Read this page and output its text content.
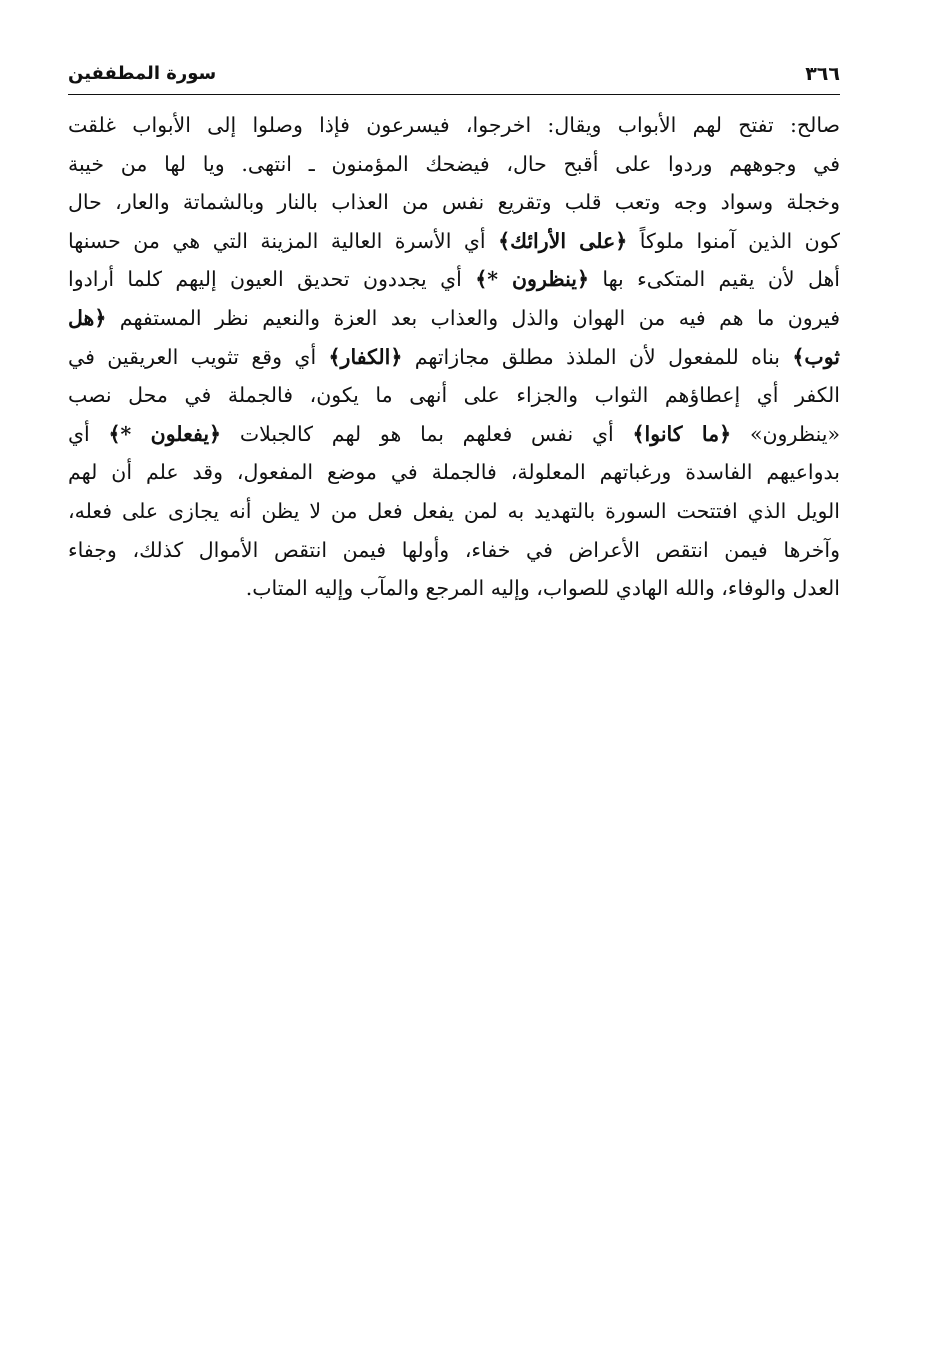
٣٦٦
سورة المطففين
صالح: تفتح لهم الأبواب ويقال: اخرجوا، فيسرعون فإذا وصلوا إلى الأبواب غلقت
في وجوههم وردوا على أقبح حال، فيضحك المؤمنون ـ انتهى. ويا لها من خيبة
وخجلة وسواد وجه وتعب قلب وتقريع نفس من العذاب بالنار وبالشماتة والعار، حال
كون الذين آمنوا ملوكاً ﴿على الأرائك﴾ أي الأسرة العالية المزينة التي هي من حسنها
أهل لأن يقيم المتكىء بها ﴿ينظرون *﴾ أي يجددون تحديق العيون إليهم كلما أرادوا
فيرون ما هم فيه من الهوان والذل والعذاب بعد العزة والنعيم نظر المستفهم ﴿هل
ثوب﴾ بناه للمفعول لأن الملذذ مطلق مجازاتهم ﴿الكفار﴾ أي وقع تثويب العريقين في
الكفر أي إعطاؤهم الثواب والجزاء على أنهى ما يكون، فالجملة في محل نصب
«ينظرون» ﴿ما كانوا﴾ أي نفس فعلهم بما هو لهم كالجبلات ﴿يفعلون *﴾ أي
بدواعيهم الفاسدة ورغباتهم المعلولة، فالجملة في موضع المفعول، وقد علم أن لهم
الويل الذي افتتحت السورة بالتهديد به لمن يفعل فعل من لا يظن أنه يجازى على فعله،
وآخرها فيمن انتقص الأعراض في خفاء، وأولها فيمن انتقص الأموال كذلك، وجفاء
العدل والوفاء، والله الهادي للصواب، وإليه المرجع والمآب وإليه المتاب.
